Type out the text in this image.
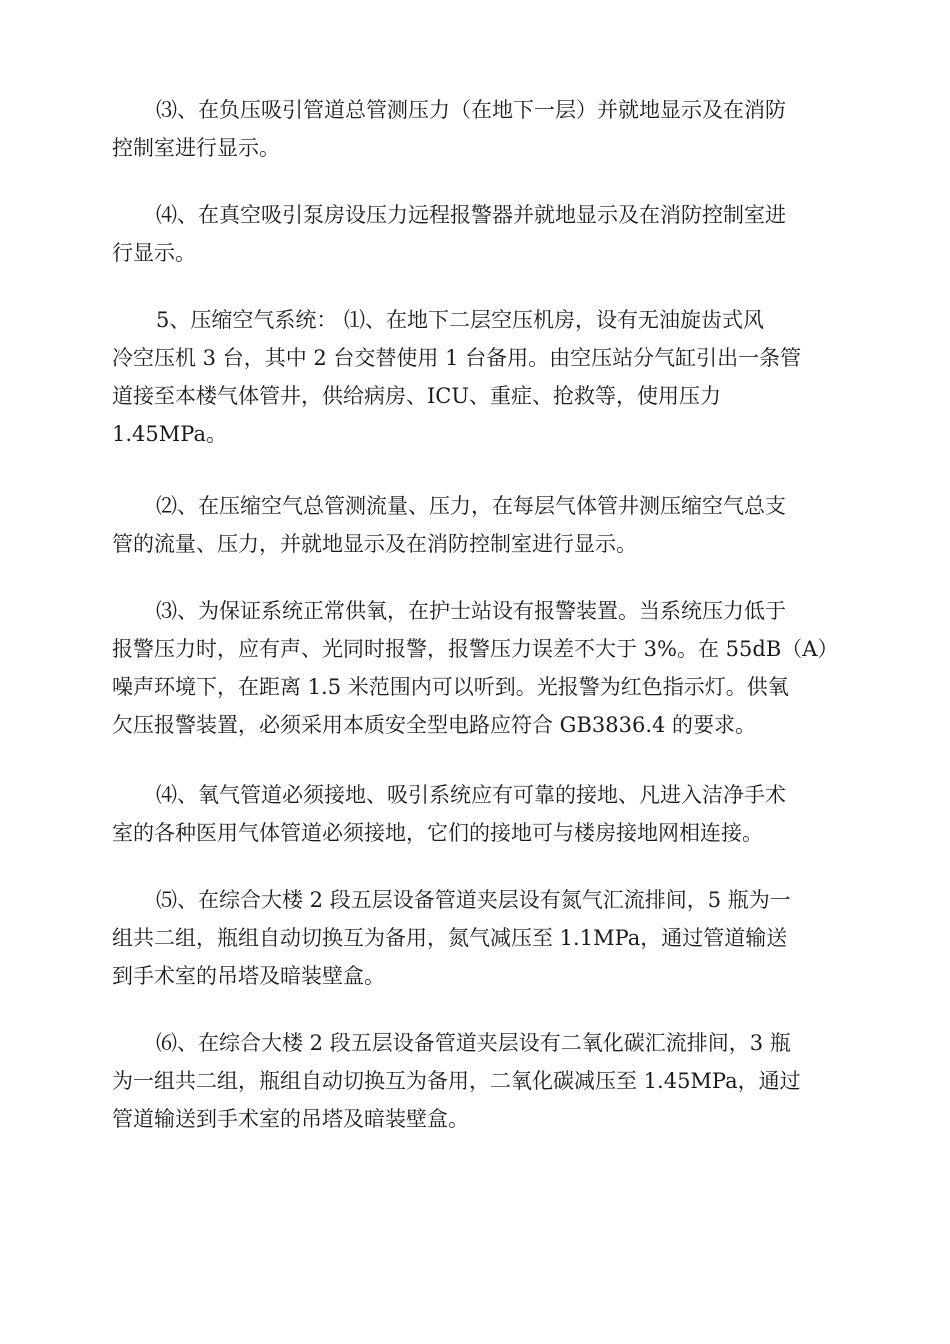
⑶、在负压吸引管道总管测压力（在地下一层）并就地显示及在消防
控制室进行显示。
⑷、在真空吸引泵房设压力远程报警器并就地显示及在消防控制室进
行显示。
5、压缩空气系统： ⑴、在地下二层空压机房，设有无油旋齿式风
冷空压机 3 台，其中 2 台交替使用 1 台备用。由空压站分气缸引出一条管
道接至本楼气体管井，供给病房、ICU、重症、抢救等，使用压力
1.45MPa。
⑵、在压缩空气总管测流量、压力，在每层气体管井测压缩空气总支
管的流量、压力，并就地显示及在消防控制室进行显示。
⑶、为保证系统正常供氧，在护士站设有报警装置。当系统压力低于
报警压力时，应有声、光同时报警，报警压力误差不大于 3%。在 55dB（A）
噪声环境下，在距离 1.5 米范围内可以听到。光报警为红色指示灯。供氧
欠压报警装置，必须采用本质安全型电路应符合 GB3836.4 的要求。
⑷、氧气管道必须接地、吸引系统应有可靠的接地、凡进入洁净手术
室的各种医用气体管道必须接地，它们的接地可与楼房接地网相连接。
⑸、在综合大楼 2 段五层设备管道夹层设有氮气汇流排间，5 瓶为一
组共二组，瓶组自动切换互为备用，氮气减压至 1.1MPa，通过管道输送
到手术室的吊塔及暗装壁盒。
⑹、在综合大楼 2 段五层设备管道夹层设有二氧化碳汇流排间，3 瓶
为一组共二组，瓶组自动切换互为备用，二氧化碳减压至 1.45MPa，通过
管道输送到手术室的吊塔及暗装壁盒。
